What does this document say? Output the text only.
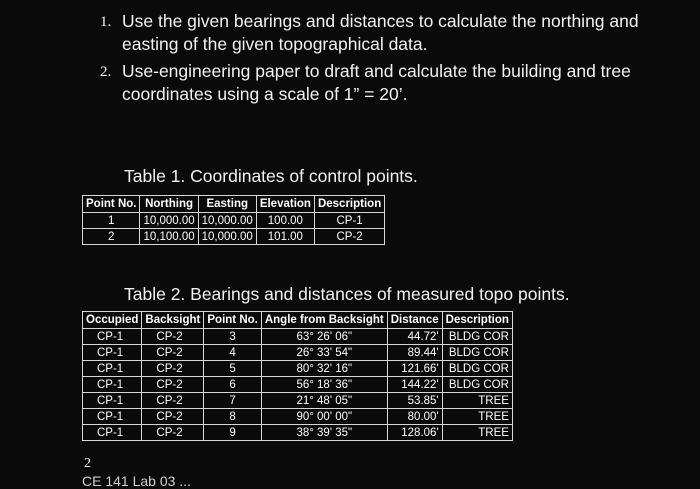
1. Use the given bearings and distances to calculate the northing and easting of the given topographical data.
2. Use-engineering paper to draft and calculate the building and tree coordinates using a scale of 1” = 20’.
Table 1. Coordinates of control points.
Point No.	Northing	Easting	Elevation	Description
1	10,000.00	10,000.00	100.00	CP-1
2	10,100.00	10,000.00	101.00	CP-2
Table 2. Bearings and distances of measured topo points.
Occupied	Backsight	Point No.	Angle from Backsight	Distance	Description
CP-1	CP-2	3	63° 26' 06"	44.72'	BLDG COR
CP-1	CP-2	4	26° 33' 54"	89.44'	BLDG COR
CP-1	CP-2	5	80° 32' 16"	121.66'	BLDG COR
CP-1	CP-2	6	56° 18' 36"	144.22'	BLDG COR
CP-1	CP-2	7	21° 48' 05"	53.85'	TREE
CP-1	CP-2	8	90° 00' 00"	80.00'	TREE
CP-1	CP-2	9	38° 39' 35"	128.06'	TREE
2
CE 141 Lab 03 ...
